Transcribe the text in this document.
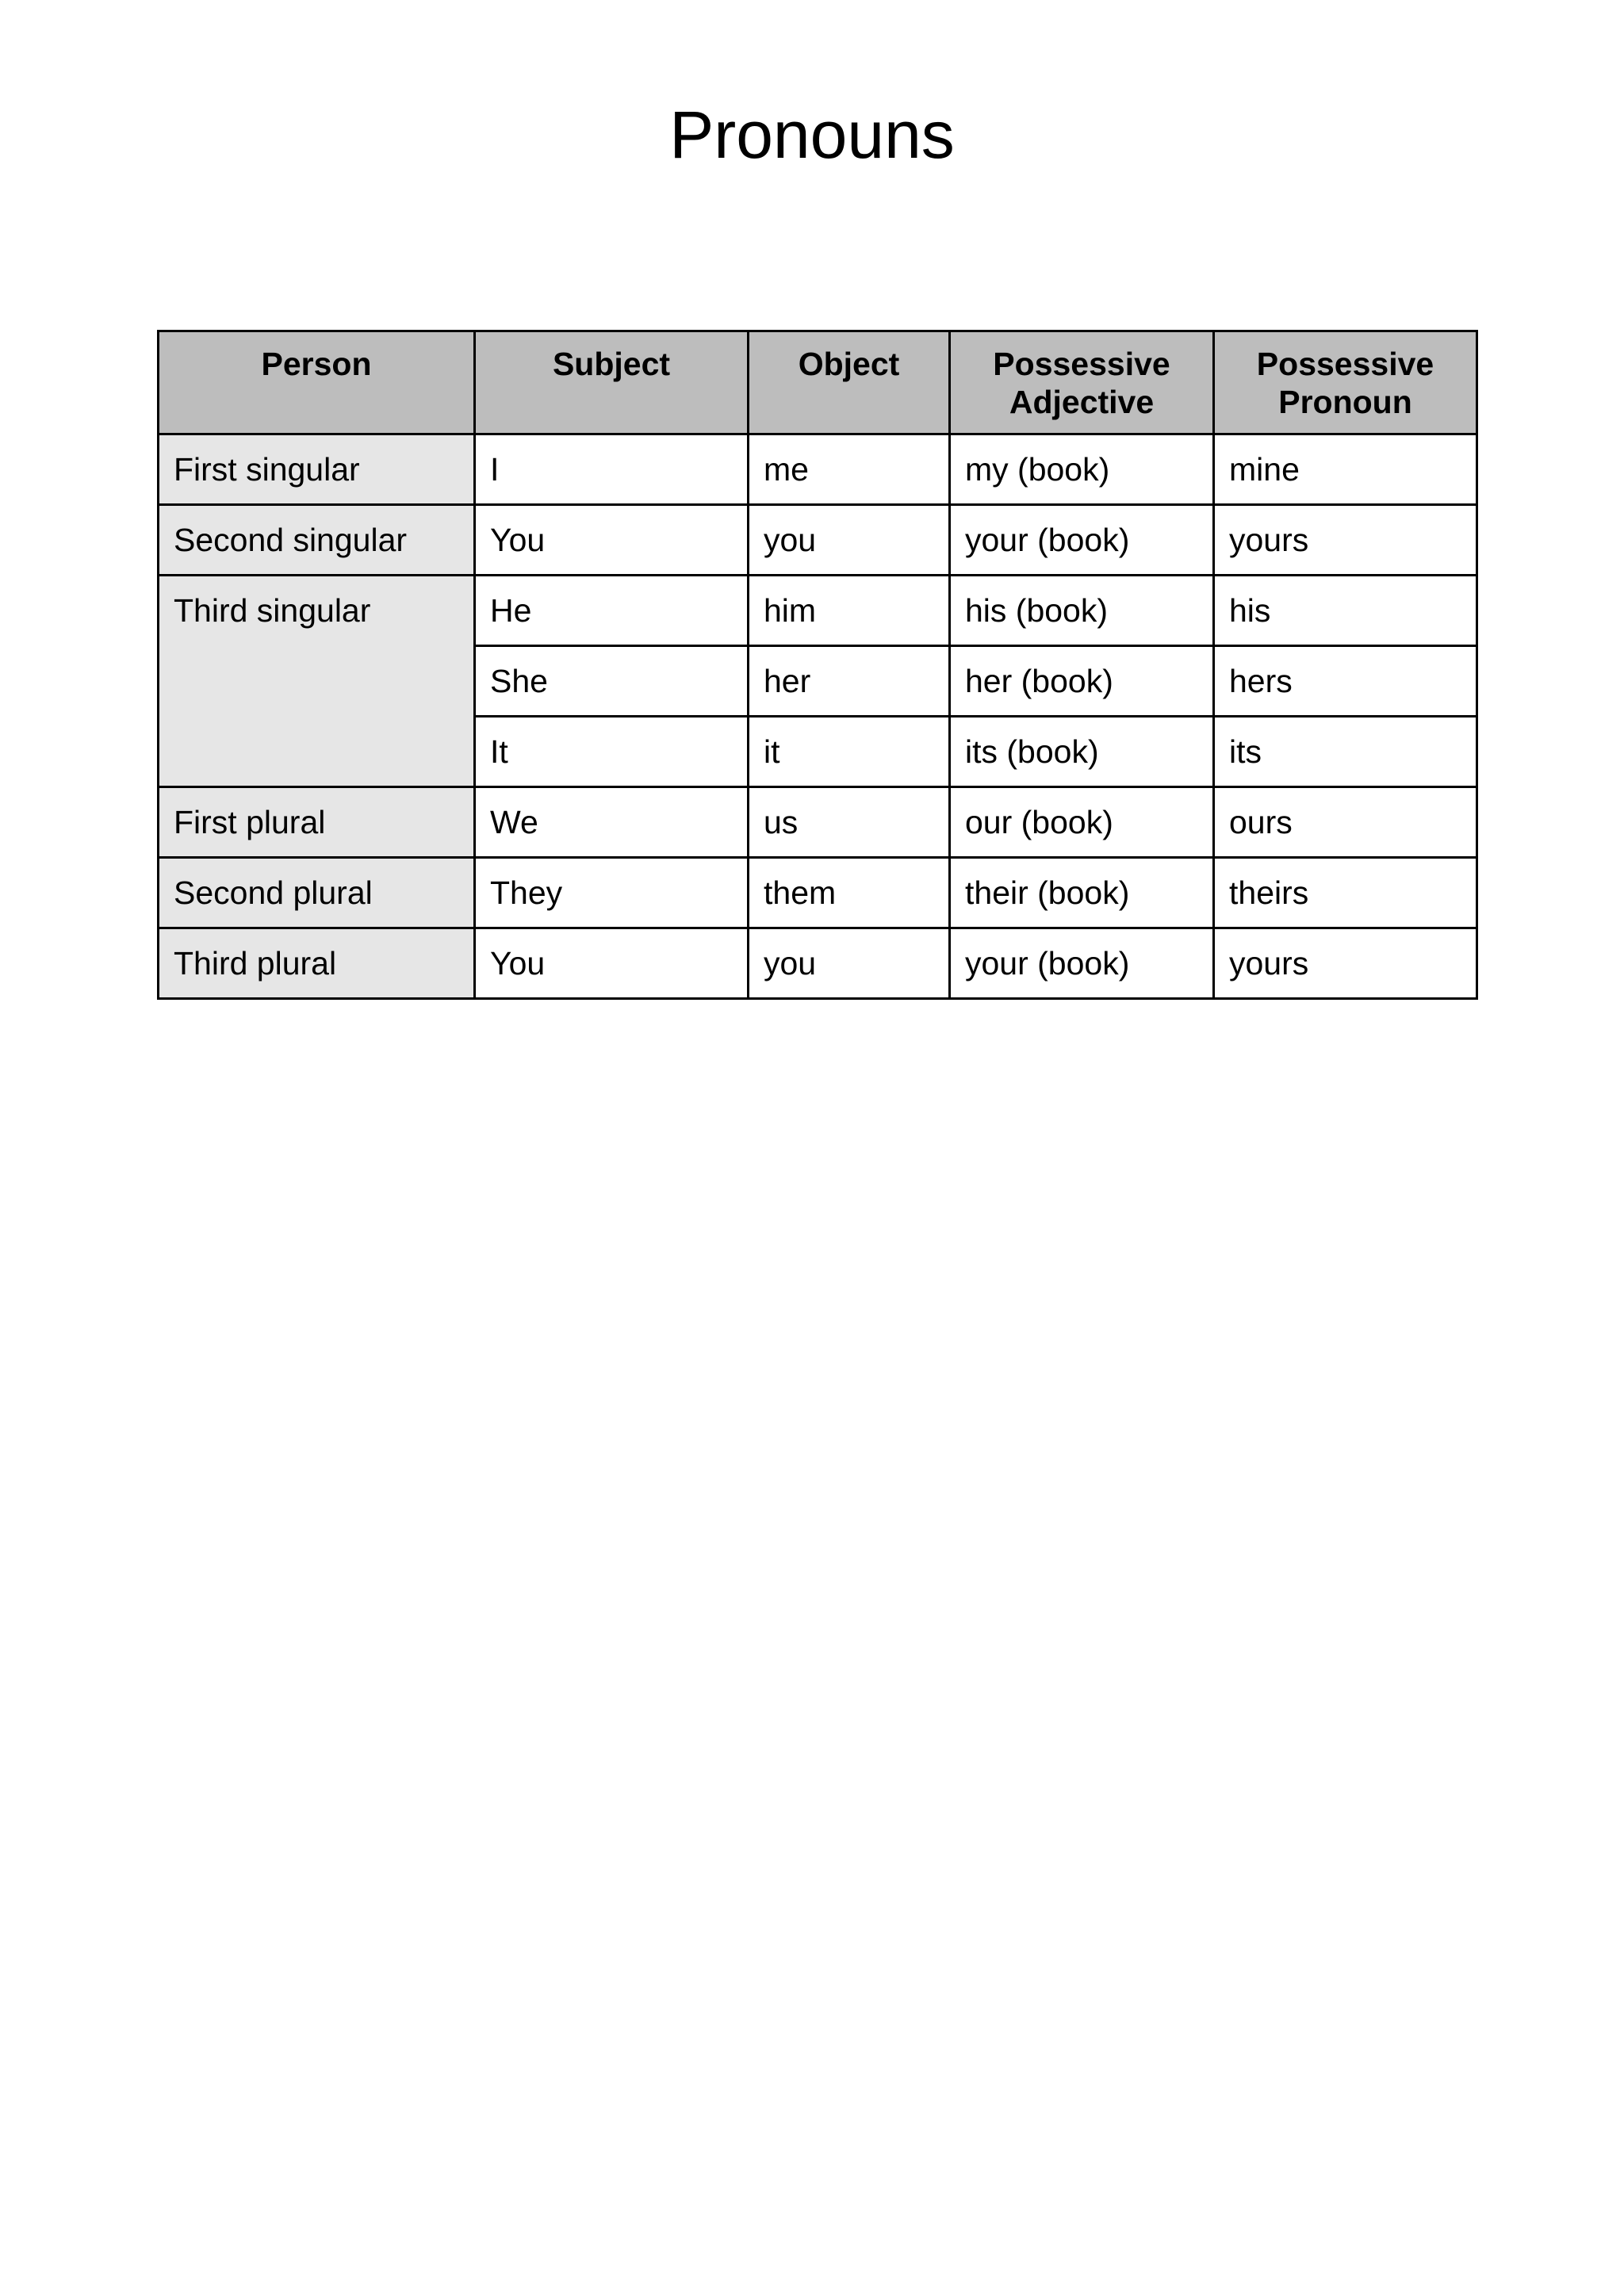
Pronouns
Person	Subject	Object	Possessive Adjective	Possessive Pronoun
First singular	I	me	my (book)	mine
Second singular	You	you	your (book)	yours
Third singular	He	him	his (book)	his
	She	her	her (book)	hers
	It	it	its (book)	its
First plural	We	us	our (book)	ours
Second plural	They	them	their (book)	theirs
Third plural	You	you	your (book)	yours
